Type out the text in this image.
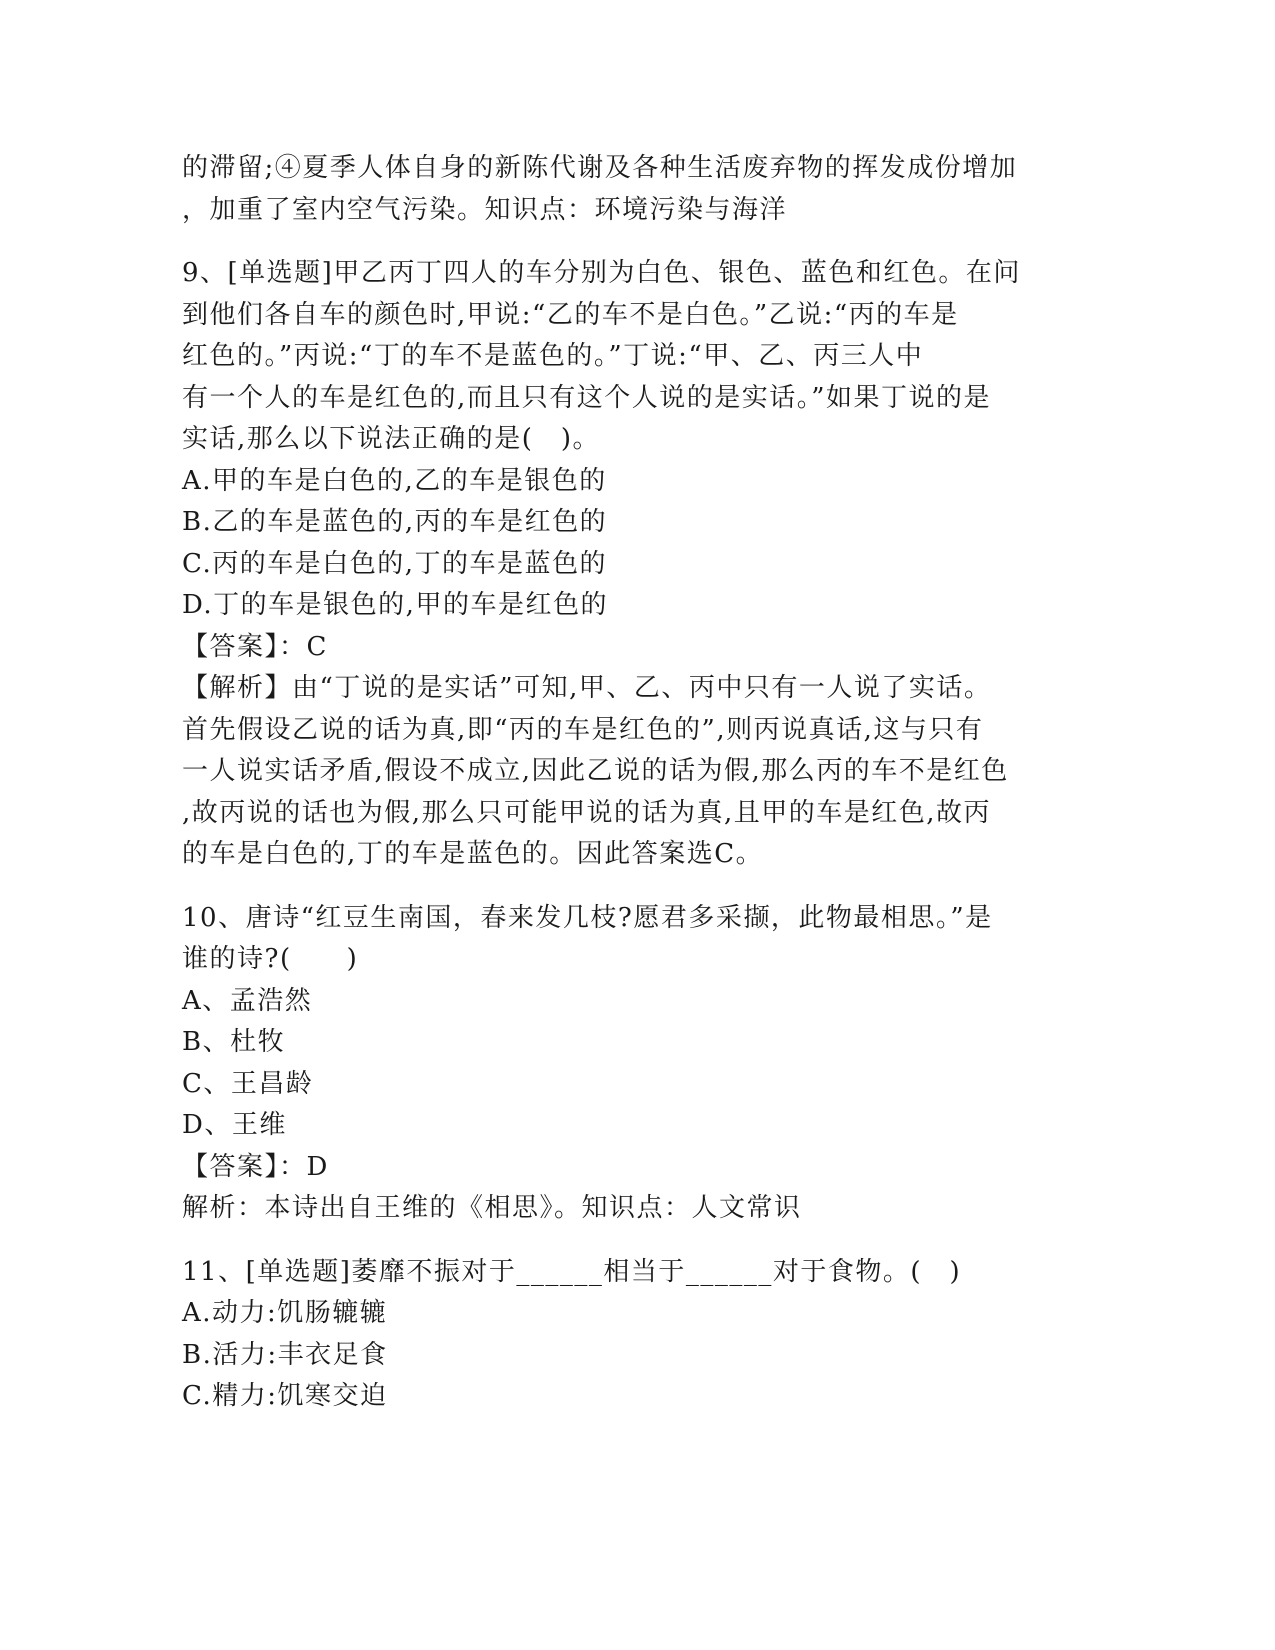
的滞留;④夏季人体自身的新陈代谢及各种生活废弃物的挥发成份增加
，加重了室内空气污染。知识点：环境污染与海洋
9、[单选题]甲乙丙丁四人的车分别为白色、银色、蓝色和红色。在问
到他们各自车的颜色时,甲说:“乙的车不是白色。”乙说:“丙的车是
红色的。”丙说:“丁的车不是蓝色的。”丁说:“甲、乙、丙三人中
有一个人的车是红色的,而且只有这个人说的是实话。”如果丁说的是
实话,那么以下说法正确的是(　)。
A.甲的车是白色的,乙的车是银色的
B.乙的车是蓝色的,丙的车是红色的
C.丙的车是白色的,丁的车是蓝色的
D.丁的车是银色的,甲的车是红色的
【答案】：C
【解析】由“丁说的是实话”可知,甲、乙、丙中只有一人说了实话。
首先假设乙说的话为真,即“丙的车是红色的”,则丙说真话,这与只有
一人说实话矛盾,假设不成立,因此乙说的话为假,那么丙的车不是红色
,故丙说的话也为假,那么只可能甲说的话为真,且甲的车是红色,故丙
的车是白色的,丁的车是蓝色的。因此答案选C。
10、唐诗“红豆生南国，春来发几枝?愿君多采撷，此物最相思。”是
谁的诗?(　　)
A、孟浩然
B、杜牧
C、王昌龄
D、王维
【答案】：D
解析：本诗出自王维的《相思》。知识点：人文常识
11、[单选题]萎靡不振对于______相当于______对于食物。(　)
A.动力:饥肠辘辘
B.活力:丰衣足食
C.精力:饥寒交迫
